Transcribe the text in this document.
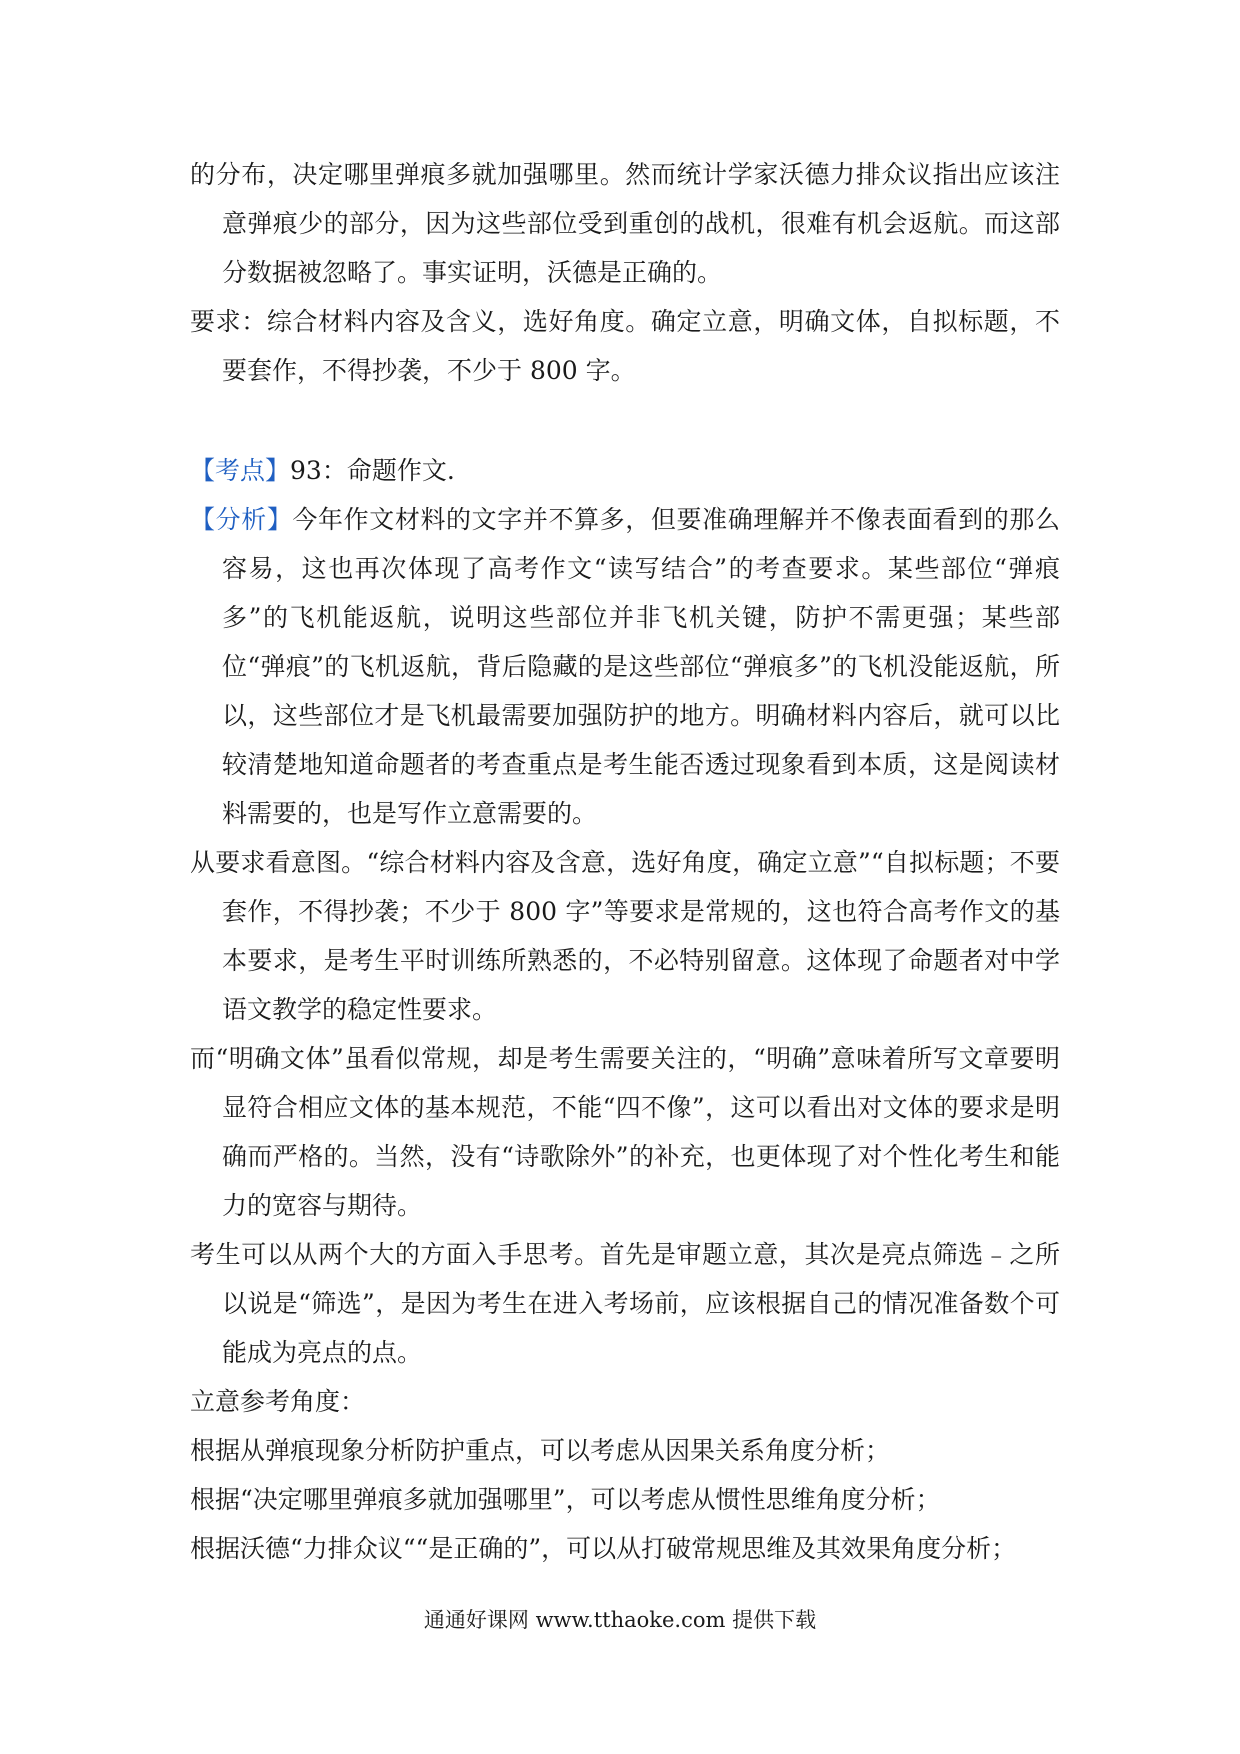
的分布，决定哪里弹痕多就加强哪里。然而统计学家沃德力排众议指出应该注意弹痕少的部分，因为这些部位受到重创的战机，很难有机会返航。而这部分数据被忽略了。事实证明，沃德是正确的。

要求：综合材料内容及含义，选好角度。确定立意，明确文体，自拟标题，不要套作，不得抄袭，不少于 800 字。

【考点】93：命题作文.

【分析】今年作文材料的文字并不算多，但要准确理解并不像表面看到的那么容易，这也再次体现了高考作文“读写结合”的考查要求。某些部位“弹痕多”的飞机能返航，说明这些部位并非飞机关键，防护不需更强；某些部位“弹痕”的飞机返航，背后隐藏的是这些部位“弹痕多”的飞机没能返航，所以，这些部位才是飞机最需要加强防护的地方。明确材料内容后，就可以比较清楚地知道命题者的考查重点是考生能否透过现象看到本质，这是阅读材料需要的，也是写作立意需要的。

从要求看意图。“综合材料内容及含意，选好角度，确定立意”“自拟标题；不要套作，不得抄袭；不少于 800 字”等要求是常规的，这也符合高考作文的基本要求，是考生平时训练所熟悉的，不必特别留意。这体现了命题者对中学语文教学的稳定性要求。

而“明确文体”虽看似常规，却是考生需要关注的，“明确”意味着所写文章要明显符合相应文体的基本规范，不能“四不像”，这可以看出对文体的要求是明确而严格的。当然，没有“诗歌除外”的补充，也更体现了对个性化考生和能力的宽容与期待。

考生可以从两个大的方面入手思考。首先是审题立意，其次是亮点筛选﹣之所以说是“筛选”，是因为考生在进入考场前，应该根据自己的情况准备数个可能成为亮点的点。

立意参考角度：

根据从弹痕现象分析防护重点，可以考虑从因果关系角度分析；

根据“决定哪里弹痕多就加强哪里”，可以考虑从惯性思维角度分析；

根据沃德“力排众议““是正确的”，可以从打破常规思维及其效果角度分析；

通通好课网 www.tthaoke.com 提供下载
